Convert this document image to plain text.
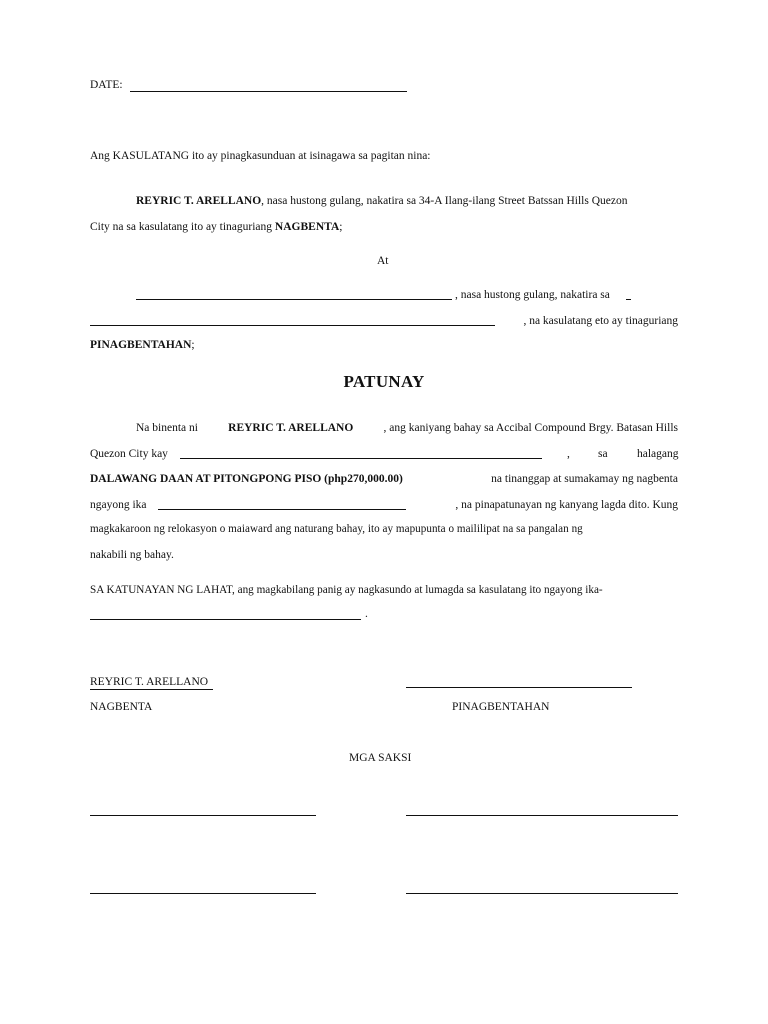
DATE:
Ang KASULATANG ito ay pinagkasunduan at isinagawa sa pagitan nina:
REYRIC T. ARELLANO, nasa hustong gulang, nakatira sa 34-A Ilang-ilang Street Batssan Hills Quezon
City na sa kasulatang ito ay tinaguriang NAGBENTA;
At
, nasa hustong gulang, nakatira sa
, na kasulatang eto ay tinaguriang
PINAGBENTAHAN;
PATUNAY
Na binenta ni	REYRIC T. ARELLANO	, ang kaniyang bahay sa Accibal Compound Brgy. Batasan Hills
Quezon City kay	, sa	halagang
DALAWANG DAAN AT PITONGPONG PISO (php270,000.00)	na tinanggap at sumakamay ng nagbenta
ngayong ika	, na pinapatunayan ng kanyang lagda dito. Kung
magkakaroon ng relokasyon o maiaward ang naturang bahay, ito ay mapupunta o maililipat na sa pangalan ng
nakabili ng bahay.
SA KATUNAYAN NG LAHAT, ang magkabilang panig ay nagkasundo at lumagda sa kasulatang ito ngayong ika-
.
REYRIC T. ARELLANO
NAGBENTA	PINAGBENTAHAN
MGA SAKSI
